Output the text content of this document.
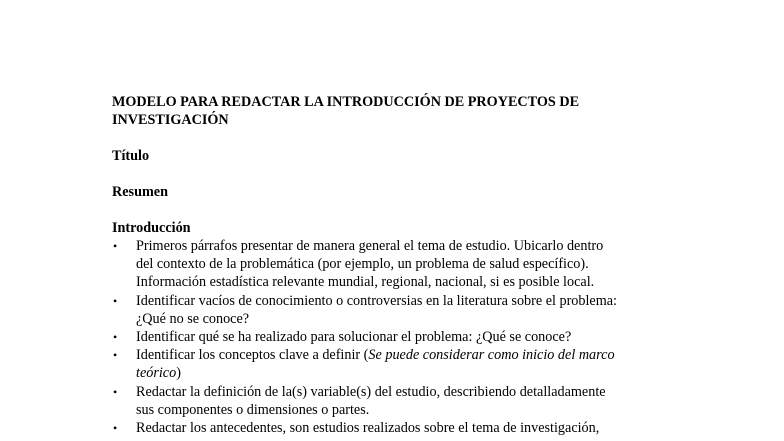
MODELO PARA REDACTAR LA INTRODUCCIÓN DE PROYECTOS DE
INVESTIGACIÓN
Título
Resumen
Introducción
• Primeros párrafos presentar de manera general el tema de estudio. Ubicarlo dentro
del contexto de la problemática (por ejemplo, un problema de salud específico).
Información estadística relevante mundial, regional, nacional, si es posible local.
• Identificar vacíos de conocimiento o controversias en la literatura sobre el problema:
¿Qué no se conoce?
• Identificar qué se ha realizado para solucionar el problema: ¿Qué se conoce?
• Identificar los conceptos clave a definir (Se puede considerar como inicio del marco
teórico)
• Redactar la definición de la(s) variable(s) del estudio, describiendo detalladamente
sus componentes o dimensiones o partes.
• Redactar los antecedentes, son estudios realizados sobre el tema de investigación,
